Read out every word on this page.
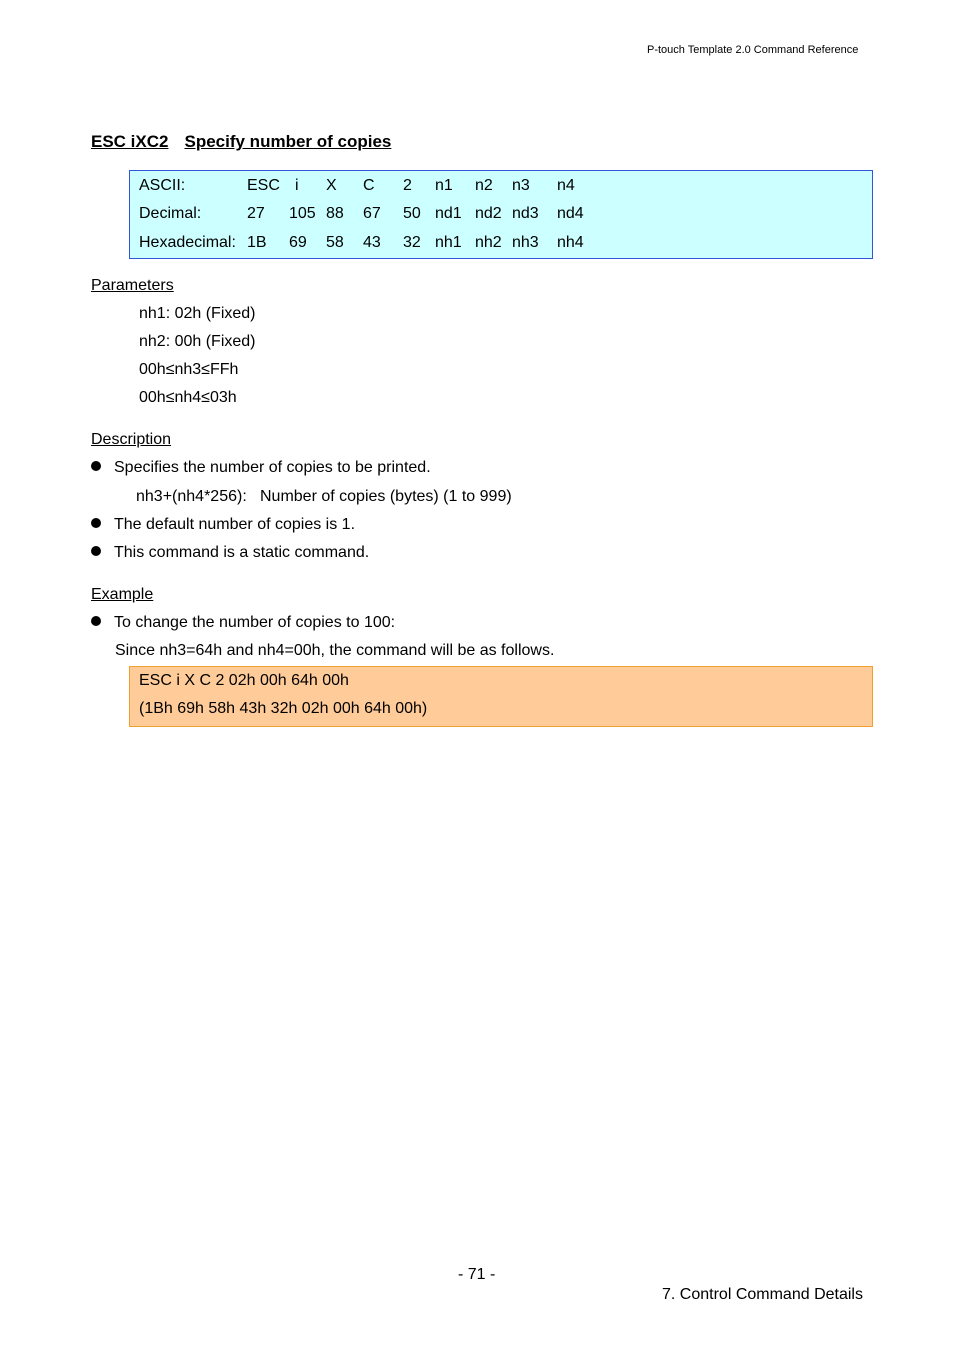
P-touch Template 2.0 Command Reference
ESC iXC2 Specify number of copies
ASCII:	ESC i X C 2 n1 n2 n3 n4
Decimal:	27 105 88 67 50 nd1 nd2 nd3 nd4
Hexadecimal: 1B 69 58 43 32 nh1 nh2 nh3 nh4
Parameters
nh1: 02h (Fixed)
nh2: 00h (Fixed)
00h≤nh3≤FFh
00h≤nh4≤03h
Description
Specifies the number of copies to be printed.
nh3+(nh4*256): Number of copies (bytes) (1 to 999)
The default number of copies is 1.
This command is a static command.
Example
To change the number of copies to 100:
Since nh3=64h and nh4=00h, the command will be as follows.
ESC i X C 2 02h 00h 64h 00h
(1Bh 69h 58h 43h 32h 02h 00h 64h 00h)
- 71 -
7. Control Command Details
